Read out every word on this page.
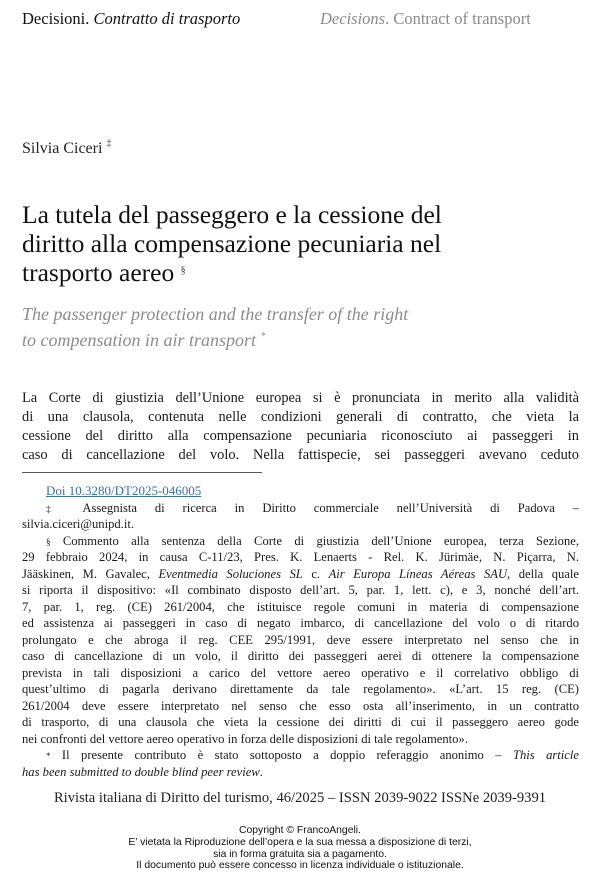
Decisioni. Contratto di trasporto	Decisions. Contract of transport
Silvia Ciceri ‡
La tutela del passeggero e la cessione del
diritto alla compensazione pecuniaria nel
trasporto aereo §
The passenger protection and the transfer of the right
to compensation in air transport *
La Corte di giustizia dell’Unione europea si è pronunciata in merito alla validità
di una clausola, contenuta nelle condizioni generali di contratto, che vieta la
cessione del diritto alla compensazione pecuniaria riconosciuto ai passeggeri in
caso di cancellazione del volo. Nella fattispecie, sei passeggeri avevano ceduto
Doi 10.3280/DT2025-046005
‡ Assegnista di ricerca in Diritto commerciale nell’Università di Padova –
silvia.ciceri@unipd.it.
§ Commento alla sentenza della Corte di giustizia dell’Unione europea, terza Sezione,
29 febbraio 2024, in causa C-11/23, Pres. K. Lenaerts - Rel. K. Jürimäe, N. Piçarra, N.
Jääskinen, M. Gavalec, Eventmedia Soluciones SL c. Air Europa Líneas Aéreas SAU, della quale
si riporta il dispositivo: «Il combinato disposto dell’art. 5, par. 1, lett. c), e 3, nonché dell’art.
7, par. 1, reg. (CE) 261/2004, che istituisce regole comuni in materia di compensazione
ed assistenza ai passeggeri in caso di negato imbarco, di cancellazione del volo o di ritardo
prolungato e che abroga il reg. CEE 295/1991, deve essere interpretato nel senso che in
caso di cancellazione di un volo, il diritto dei passeggeri aerei di ottenere la compensazione
prevista in tali disposizioni a carico del vettore aereo operativo e il correlativo obbligo di
quest’ultimo di pagarla derivano direttamente da tale regolamento». «L’art. 15 reg. (CE)
261/2004 deve essere interpretato nel senso che esso osta all’inserimento, in un contratto
di trasporto, di una clausola che vieta la cessione dei diritti di cui il passeggero aereo gode
nei confronti del vettore aereo operativo in forza delle disposizioni di tale regolamento».
* Il presente contributo è stato sottoposto a doppio referaggio anonimo – This article
has been submitted to double blind peer review.
Rivista italiana di Diritto del turismo, 46/2025 – ISSN 2039-9022 ISSNe 2039-9391
Copyright © FrancoAngeli.
E’ vietata la Riproduzione dell’opera e la sua messa a disposizione di terzi,
sia in forma gratuita sia a pagamento.
Il documento può essere concesso in licenza individuale o istituzionale.
